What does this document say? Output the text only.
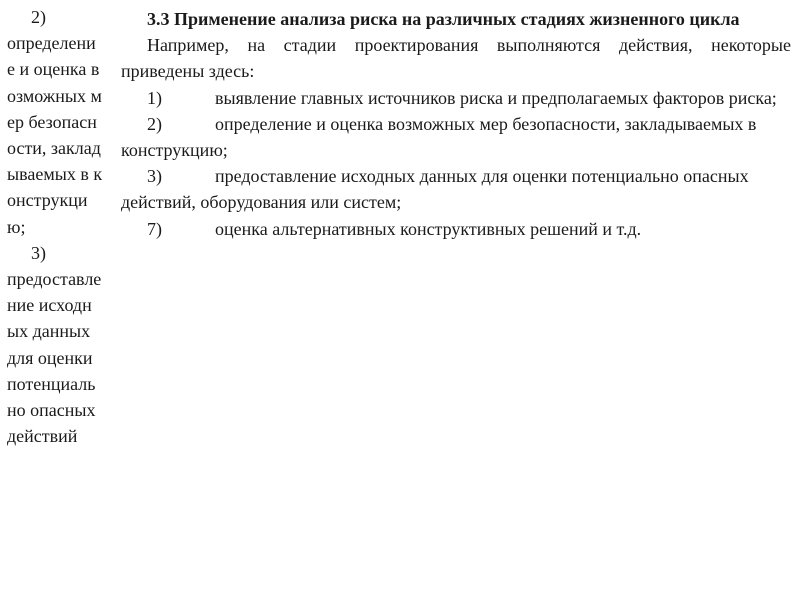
2)

определение и оценка возможных мер безопасности, закладываемых в конструкцию;

3)

предоставление исходных данных для оценки потенциально опасных действий

3.3 Применение анализа риска на различных стадиях жизненного цикла

Например, на стадии проектирования выполняются действия, некоторые приведены здесь:

1)	выявление главных источников риска и предполагаемых факторов риска;

2)	определение и оценка возможных мер безопасности, закладываемых в конструкцию;

3)	предоставление исходных данных для оценки потенциально опасных действий, оборудования или систем;

7)	оценка альтернативных конструктивных решений и т.д.
